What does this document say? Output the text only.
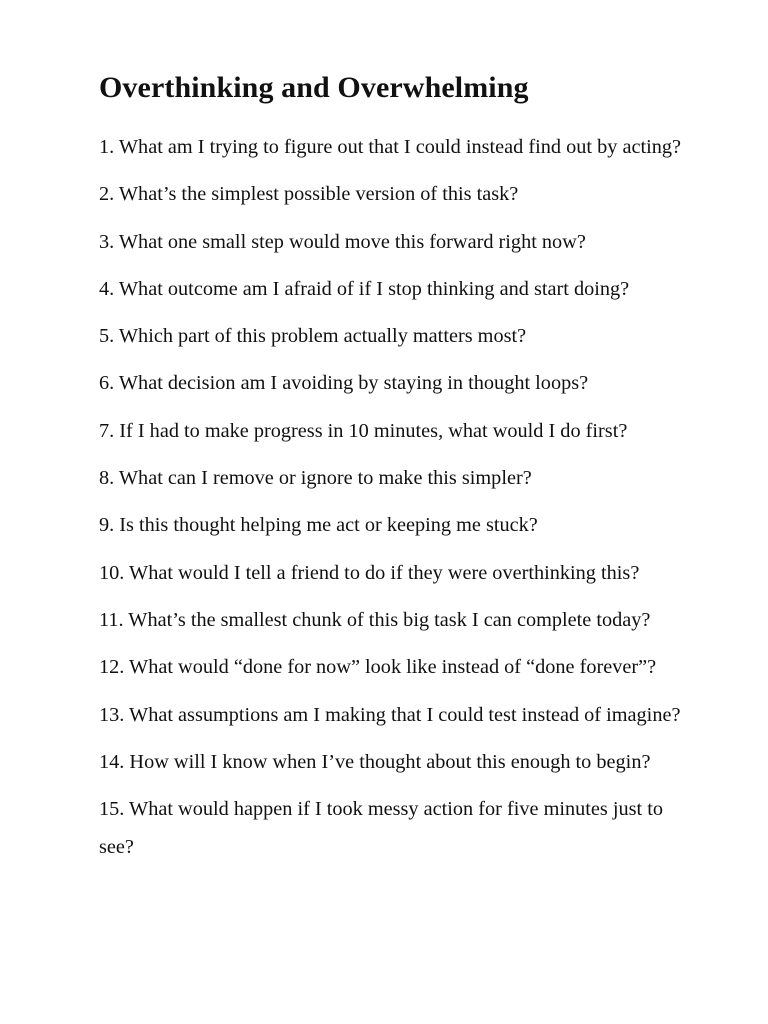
Overthinking and Overwhelming
1. What am I trying to figure out that I could instead find out by acting?
2. What’s the simplest possible version of this task?
3. What one small step would move this forward right now?
4. What outcome am I afraid of if I stop thinking and start doing?
5. Which part of this problem actually matters most?
6. What decision am I avoiding by staying in thought loops?
7. If I had to make progress in 10 minutes, what would I do first?
8. What can I remove or ignore to make this simpler?
9. Is this thought helping me act or keeping me stuck?
10. What would I tell a friend to do if they were overthinking this?
11. What’s the smallest chunk of this big task I can complete today?
12. What would “done for now” look like instead of “done forever”?
13. What assumptions am I making that I could test instead of imagine?
14. How will I know when I’ve thought about this enough to begin?
15. What would happen if I took messy action for five minutes just to see?
